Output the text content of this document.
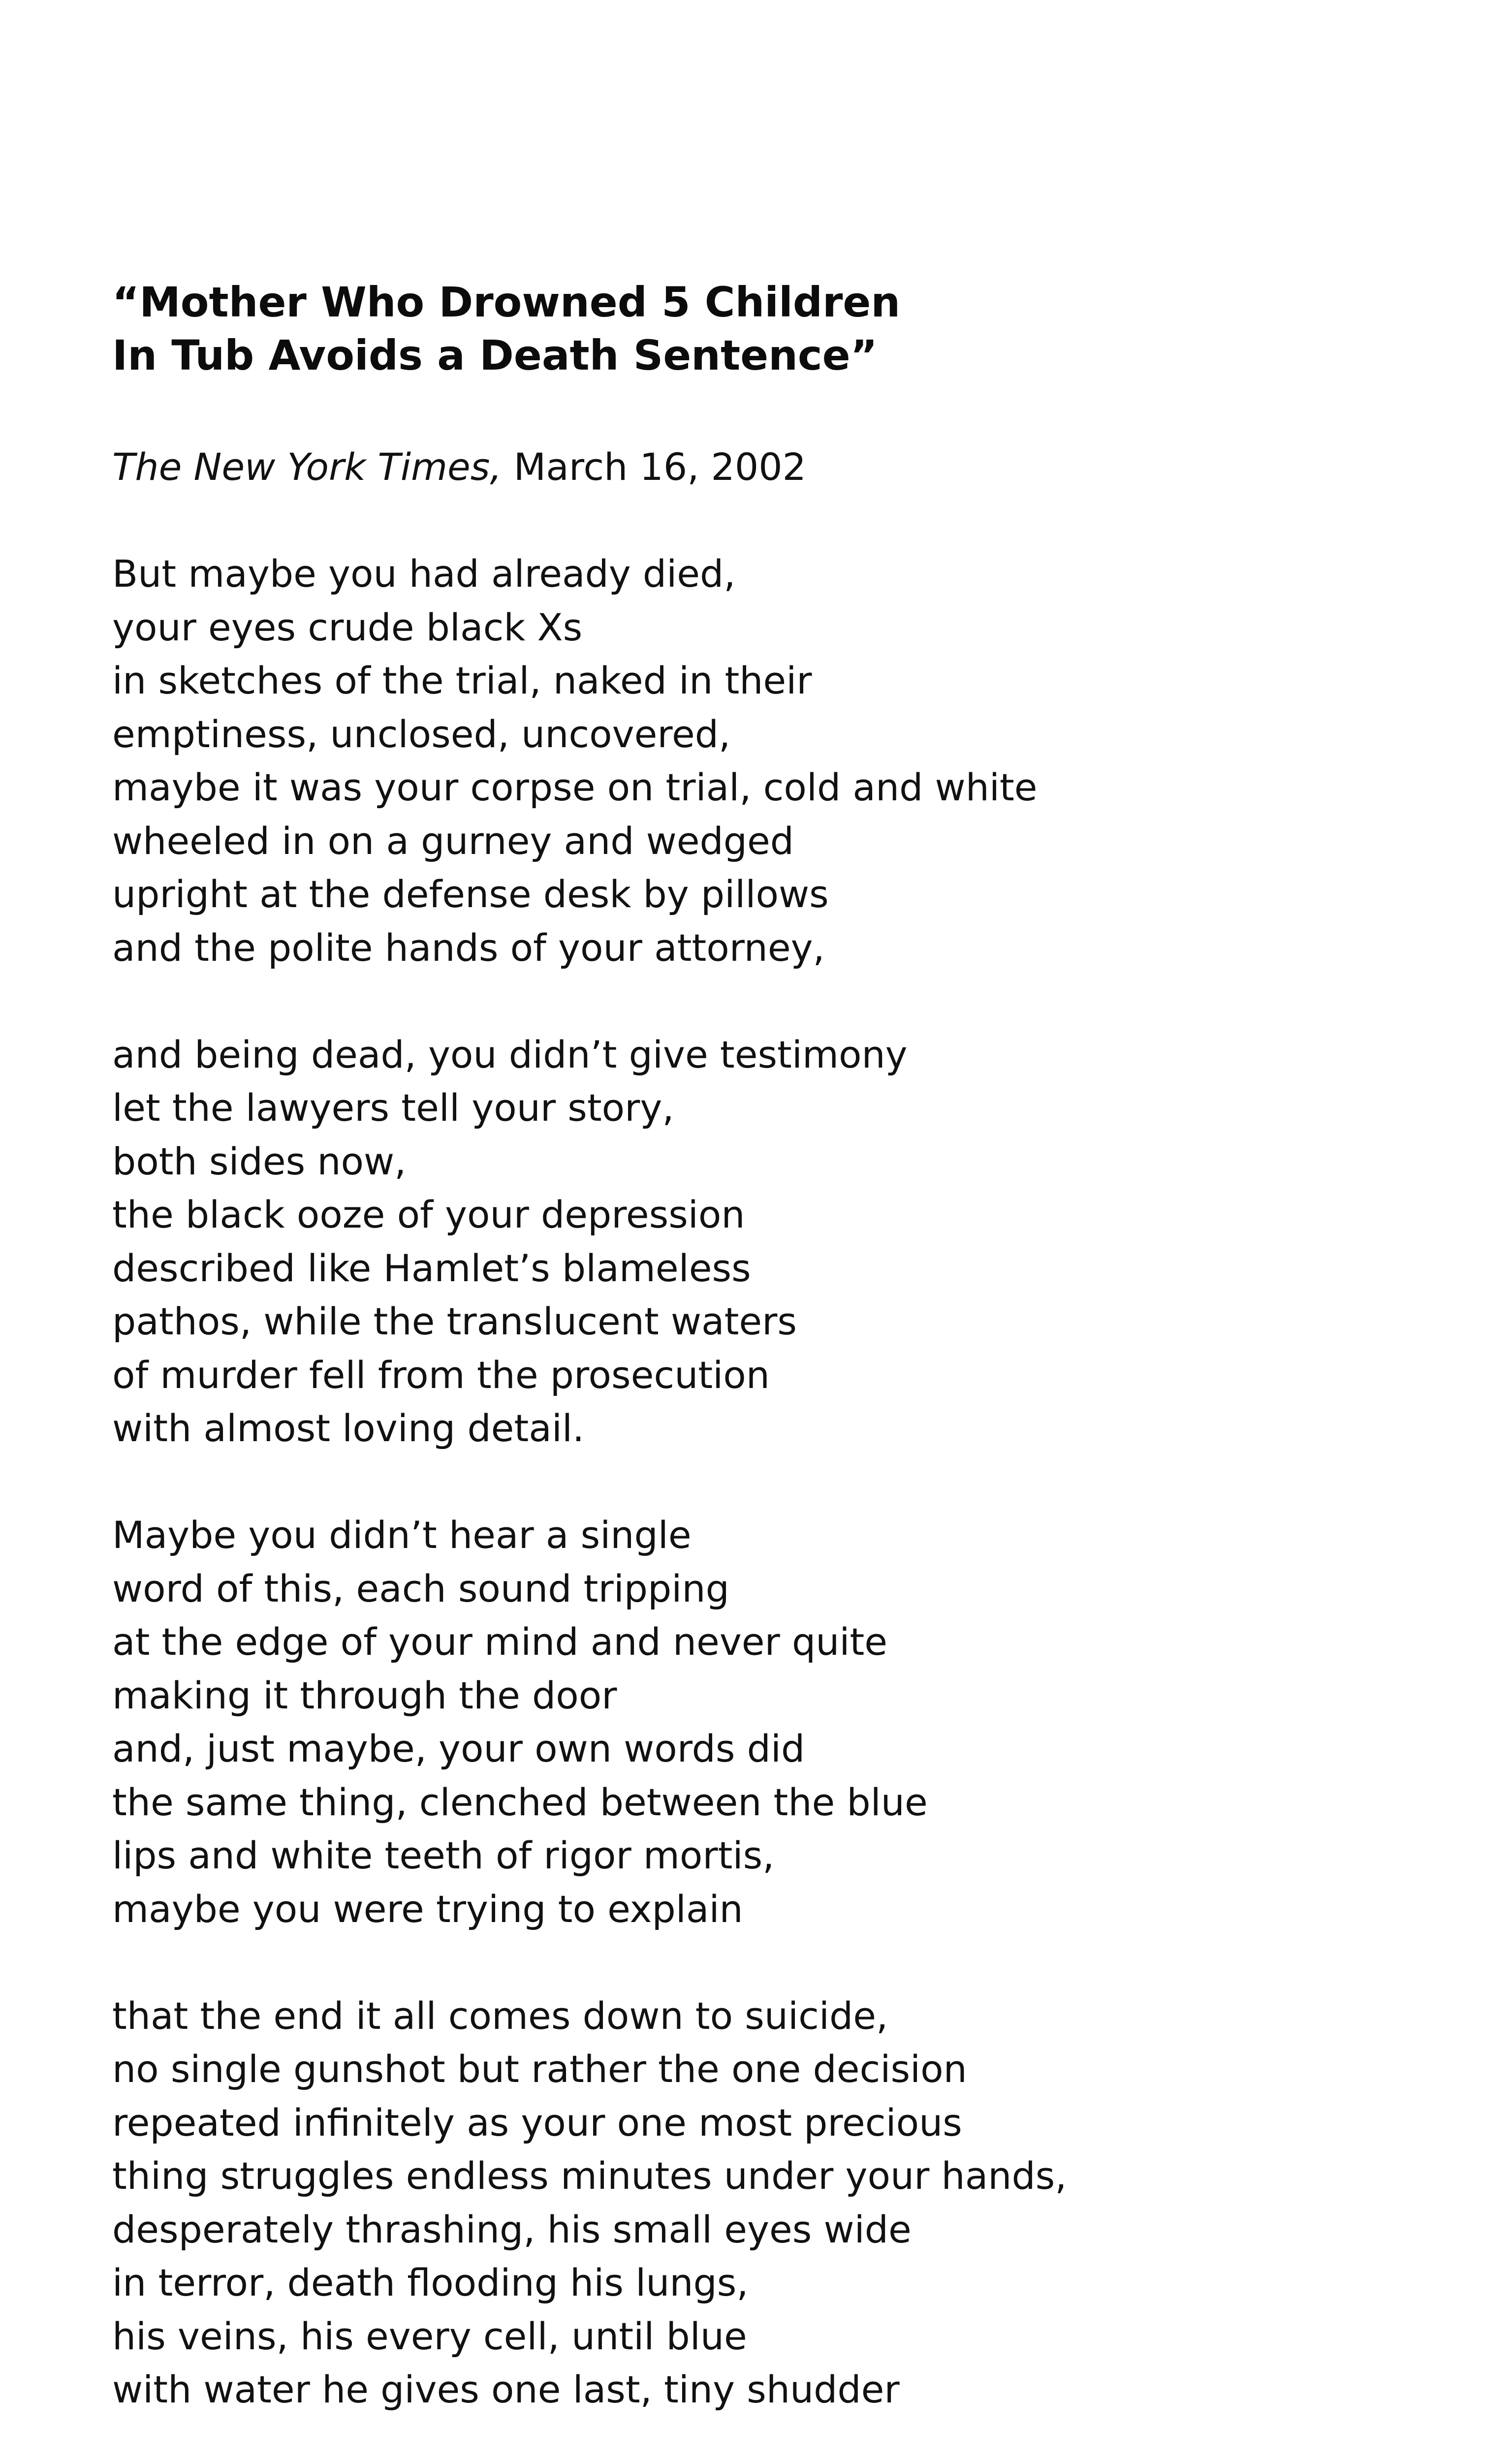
“Mother Who Drowned 5 Children
In Tub Avoids a Death Sentence”
The New York Times, March 16, 2002
But maybe you had already died,
your eyes crude black Xs
in sketches of the trial, naked in their
emptiness, unclosed, uncovered,
maybe it was your corpse on trial, cold and white
wheeled in on a gurney and wedged
upright at the defense desk by pillows
and the polite hands of your attorney,
and being dead, you didn’t give testimony
let the lawyers tell your story,
both sides now,
the black ooze of your depression
described like Hamlet’s blameless
pathos, while the translucent waters
of murder fell from the prosecution
with almost loving detail.
Maybe you didn’t hear a single
word of this, each sound tripping
at the edge of your mind and never quite
making it through the door
and, just maybe, your own words did
the same thing, clenched between the blue
lips and white teeth of rigor mortis,
maybe you were trying to explain
that the end it all comes down to suicide,
no single gunshot but rather the one decision
repeated infinitely as your one most precious
thing struggles endless minutes under your hands,
desperately thrashing, his small eyes wide
in terror, death flooding his lungs,
his veins, his every cell, until blue
with water he gives one last, tiny shudder
